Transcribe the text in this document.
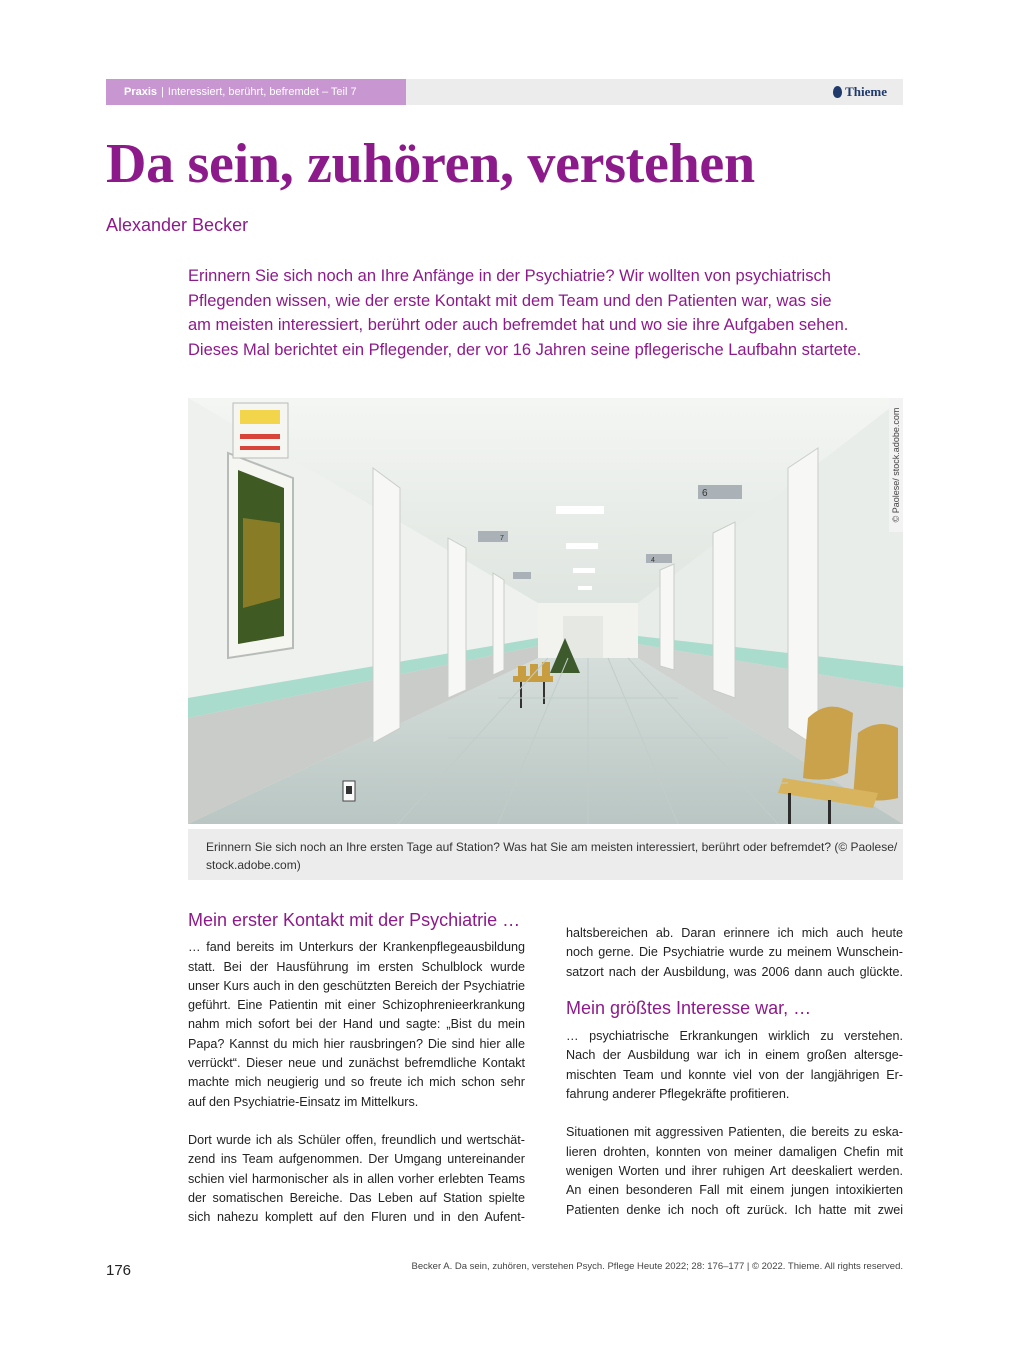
Praxis | Interessiert, berührt, befremdet – Teil 7	Thieme
Da sein, zuhören, verstehen
Alexander Becker

Erinnern Sie sich noch an Ihre Anfänge in der Psychiatrie? Wir wollten von psychiatrisch

Pflegenden wissen, wie der erste Kontakt mit dem Team und den Patienten war, was sie

am meisten interessiert, berührt oder auch befremdet hat und wo sie ihre Aufgaben sehen.

Dieses Mal berichtet ein Pflegender, der vor 16 Jahren seine pflegerische Laufbahn startete.

6
7
4
© Paolese/ stock.adobe.com

Erinnern Sie sich noch an Ihre ersten Tage auf Station? Was hat Sie am meisten interessiert, berührt oder befremdet? (© Paolese/

stock.adobe.com)

Mein erster Kontakt mit der Psychiatrie …

… fand bereits im Unterkurs der Krankenpflegeausbildung

statt. Bei der Hausführung im ersten Schulblock wurde

unser Kurs auch in den geschützten Bereich der Psychiatrie

geführt. Eine Patientin mit einer Schizophrenieerkrankung

nahm mich sofort bei der Hand und sagte: „Bist du mein

Papa? Kannst du mich hier rausbringen? Die sind hier alle

verrückt“. Dieser neue und zunächst befremdliche Kontakt

machte mich neugierig und so freute ich mich schon sehr

auf den Psychiatrie-Einsatz im Mittelkurs.

Dort wurde ich als Schüler offen, freundlich und wertschät-

zend ins Team aufgenommen. Der Umgang untereinander

schien viel harmonischer als in allen vorher erlebten Teams

der somatischen Bereiche. Das Leben auf Station spielte

sich nahezu komplett auf den Fluren und in den Aufent-

haltsbereichen ab. Daran erinnere ich mich auch heute

noch gerne. Die Psychiatrie wurde zu meinem Wunschein-

satzort nach der Ausbildung, was 2006 dann auch glückte.

Mein größtes Interesse war, …

… psychiatrische Erkrankungen wirklich zu verstehen.

Nach der Ausbildung war ich in einem großen altersge-

mischten Team und konnte viel von der langjährigen Er-

fahrung anderer Pflegekräfte profitieren.

Situationen mit aggressiven Patienten, die bereits zu eska-

lieren drohten, konnten von meiner damaligen Chefin mit

wenigen Worten und ihrer ruhigen Art deeskaliert werden.

An einen besonderen Fall mit einem jungen intoxikierten

Patienten denke ich noch oft zurück. Ich hatte mit zwei

176	Becker A. Da sein, zuhören, verstehen Psych. Pflege Heute 2022; 28: 176–177 | © 2022. Thieme. All rights reserved.
